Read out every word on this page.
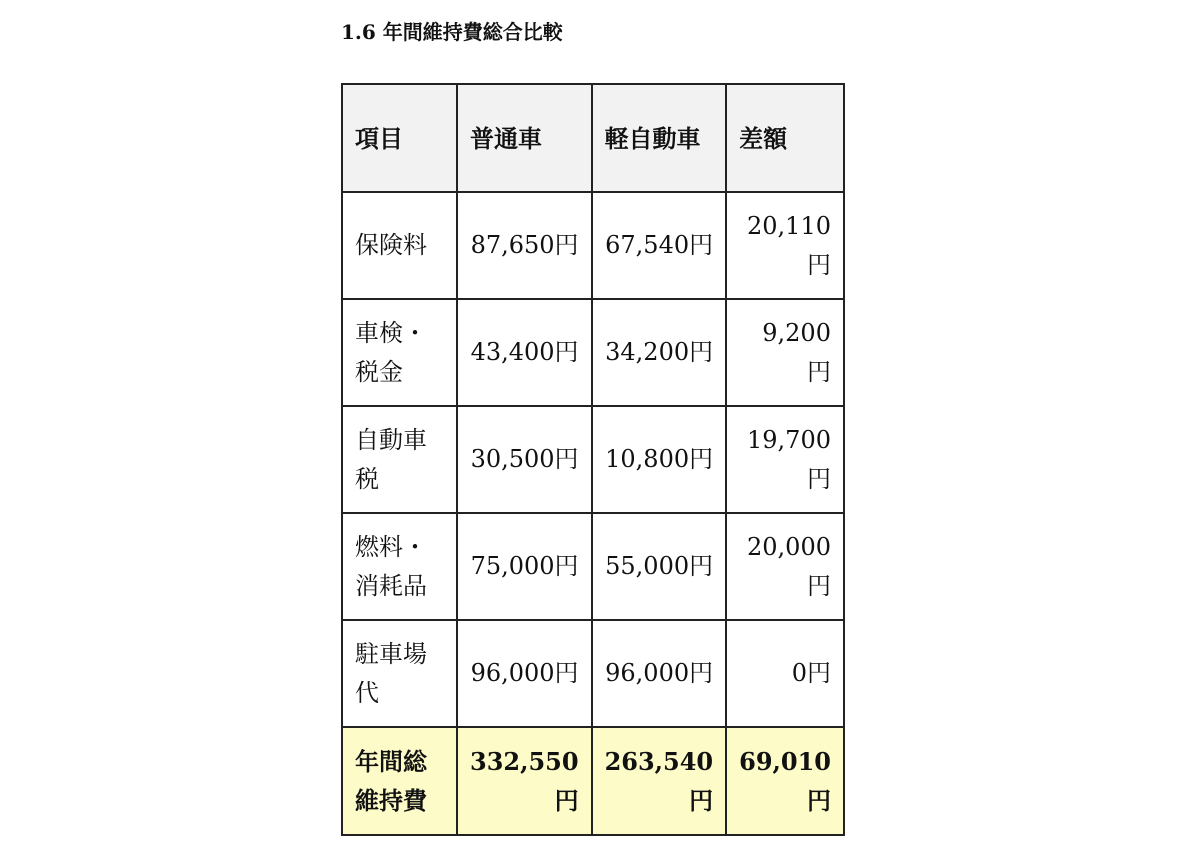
1.6 年間維持費総合比較
項目	普通車	軽自動車	差額
保険料	87,650円	67,540円	20,110円
車検・税金	43,400円	34,200円	9,200円
自動車税	30,500円	10,800円	19,700円
燃料・消耗品	75,000円	55,000円	20,000円
駐車場代	96,000円	96,000円	0円
年間総維持費	332,550円	263,540円	69,010円
